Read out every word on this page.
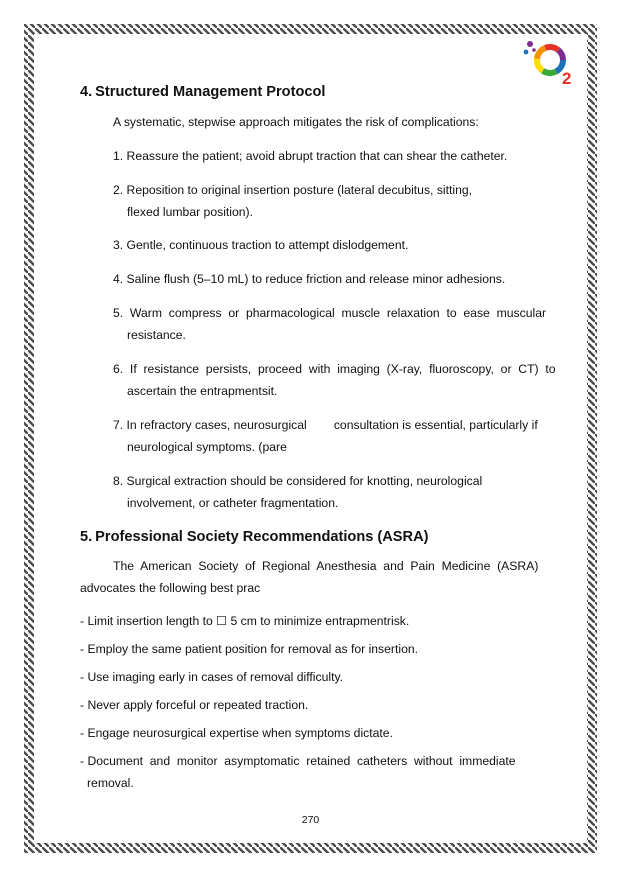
2
4. Structured Management Protocol

A systematic, stepwise approach mitigates the risk of complications:

1. Reassure the patient; avoid abrupt traction that can shear the catheter.
2. Reposition to original insertion posture (lateral decubitus, sitting,
flexed lumbar position).
3. Gentle, continuous traction to attempt dislodgement.
4. Saline flush (5–10 mL) to reduce friction and release minor adhesions.
5.  Warm  compress  or  pharmacological  muscle  relaxation  to  ease  muscular
resistance.
6.  If  resistance  persists,  proceed  with  imaging  (X-ray,  fluoroscopy,  or  CT)  to
ascertain the entrapmentsit.
7. In refractory cases, neurosurgical        consultation is essential, particularly if
neurological symptoms. (pare
8. Surgical extraction should be considered for knotting, neurological
involvement, or catheter fragmentation.
5. Professional Society Recommendations (ASRA)

The  American  Society  of  Regional  Anesthesia  and  Pain  Medicine  (ASRA)

advocates the following best prac

- Limit insertion length to ☐ 5 cm to minimize entrapmentrisk.
- Employ the same patient position for removal as for insertion.
- Use imaging early in cases of removal difficulty.
- Never apply forceful or repeated traction.
- Engage neurosurgical expertise when symptoms dictate.
- Document  and  monitor  asymptomatic  retained  catheters  without  immediate
removal.
270
